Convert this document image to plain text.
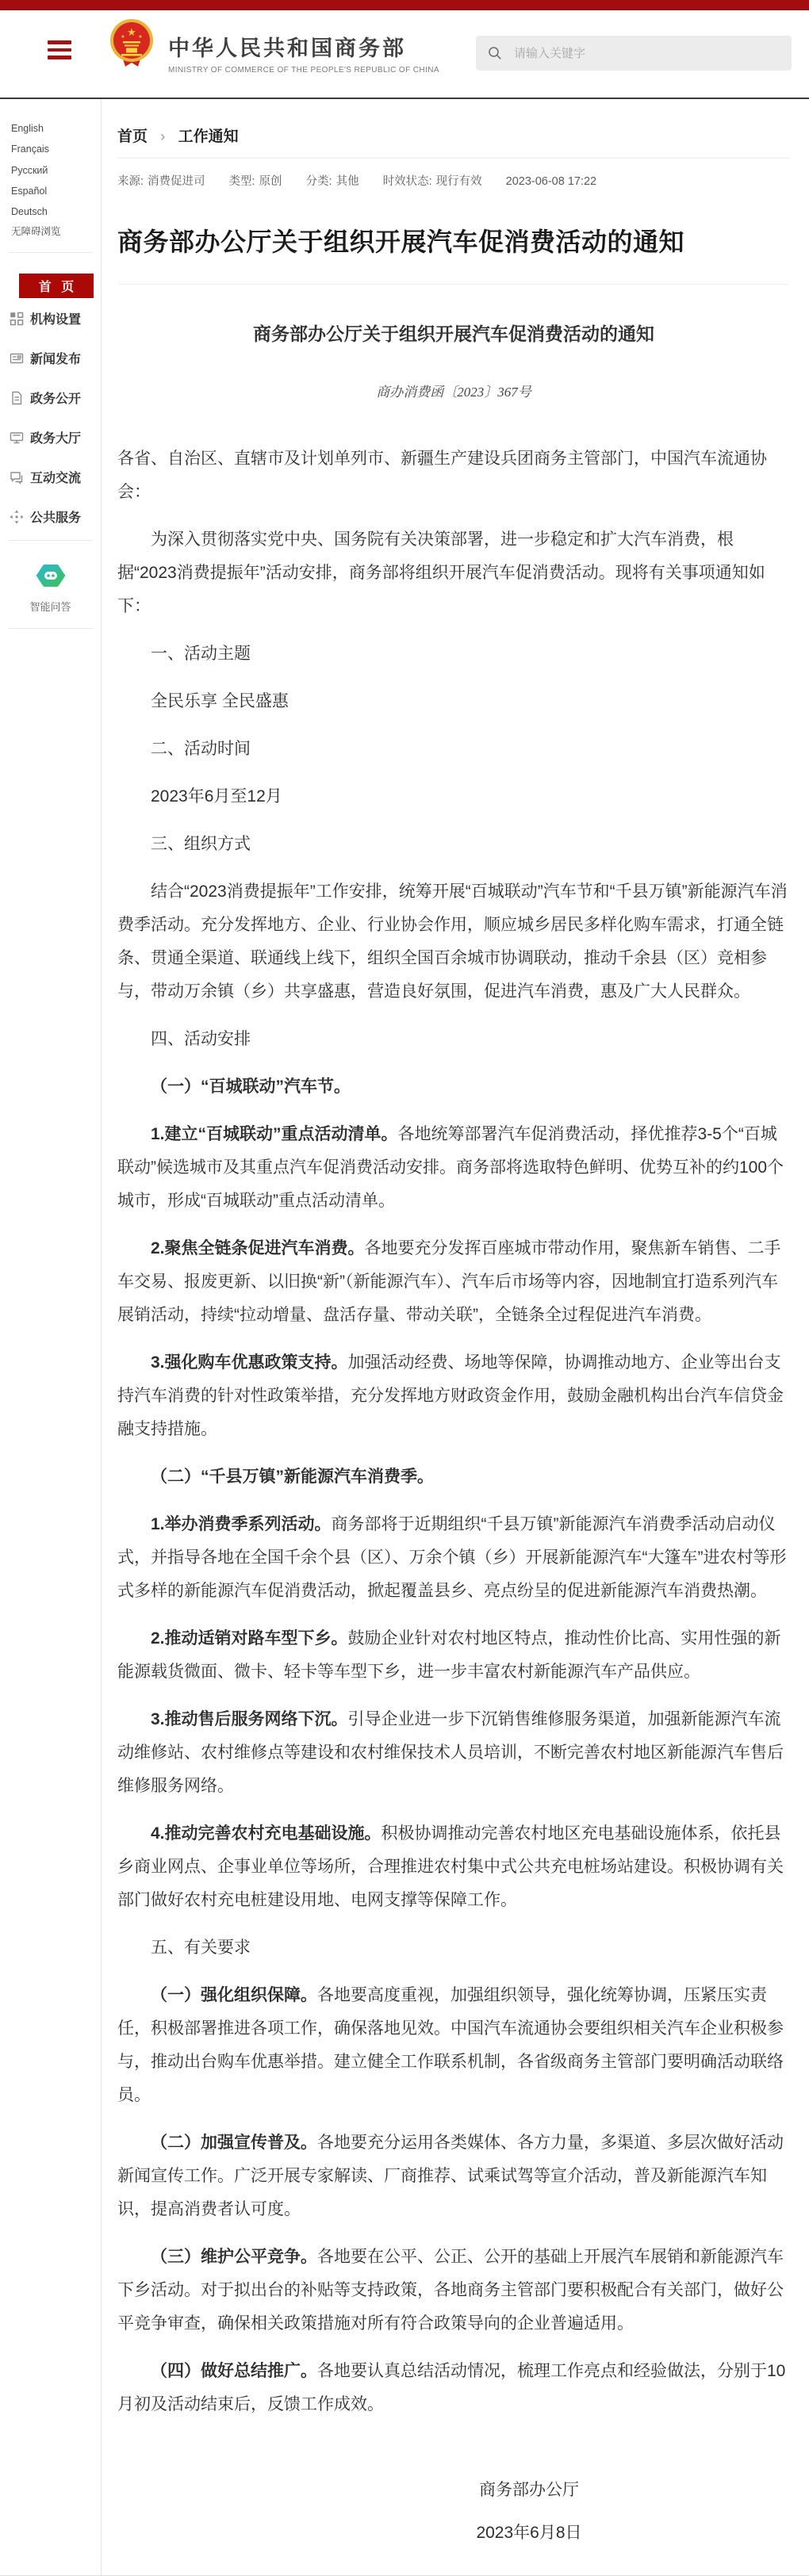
★
★	★ 中华人民共和国商务部
MINISTRY OF COMMERCE OF THE PEOPLE'S REPUBLIC OF CHINA
请输入关键字
EnglishFrançaisРусскийEspañolDeutsch
无障碍浏览
首 页
机构设置
新闻发布
政务公开
政务大厅
互动交流
公共服务
智能问答
首页 › 工作通知
来源: 消费促进司 类型: 原创 分类: 其他 时效状态: 现行有效 2023-06-08 17:22
商务部办公厅关于组织开展汽车促消费活动的通知
商务部办公厅关于组织开展汽车促消费活动的通知
商办消费函〔2023〕367号

各省、自治区、直辖市及计划单列市、新疆生产建设兵团商务主管部门，中国汽车流通协会：

为深入贯彻落实党中央、国务院有关决策部署，进一步稳定和扩大汽车消费，根据“2023消费提振年”活动安排，商务部将组织开展汽车促消费活动。现将有关事项通知如下：

一、活动主题

全民乐享 全民盛惠

二、活动时间

2023年6月至12月

三、组织方式

结合“2023消费提振年”工作安排，统筹开展“百城联动”汽车节和“千县万镇”新能源汽车消费季活动。充分发挥地方、企业、行业协会作用，顺应城乡居民多样化购车需求，打通全链条、贯通全渠道、联通线上线下，组织全国百余城市协调联动，推动千余县（区）竞相参与，带动万余镇（乡）共享盛惠，营造良好氛围，促进汽车消费，惠及广大人民群众。

四、活动安排

（一）“百城联动”汽车节。

1.建立“百城联动”重点活动清单。各地统筹部署汽车促消费活动，择优推荐3-5个“百城联动”候选城市及其重点汽车促消费活动安排。商务部将选取特色鲜明、优势互补的约100个城市，形成“百城联动”重点活动清单。

2.聚焦全链条促进汽车消费。各地要充分发挥百座城市带动作用，聚焦新车销售、二手车交易、报废更新、以旧换“新”（新能源汽车）、汽车后市场等内容，因地制宜打造系列汽车展销活动，持续“拉动增量、盘活存量、带动关联”，全链条全过程促进汽车消费。

3.强化购车优惠政策支持。加强活动经费、场地等保障，协调推动地方、企业等出台支持汽车消费的针对性政策举措，充分发挥地方财政资金作用，鼓励金融机构出台汽车信贷金融支持措施。

（二）“千县万镇”新能源汽车消费季。

1.举办消费季系列活动。商务部将于近期组织“千县万镇”新能源汽车消费季活动启动仪式，并指导各地在全国千余个县（区）、万余个镇（乡）开展新能源汽车“大篷车”进农村等形式多样的新能源汽车促消费活动，掀起覆盖县乡、亮点纷呈的促进新能源汽车消费热潮。

2.推动适销对路车型下乡。鼓励企业针对农村地区特点，推动性价比高、实用性强的新能源载货微面、微卡、轻卡等车型下乡，进一步丰富农村新能源汽车产品供应。

3.推动售后服务网络下沉。引导企业进一步下沉销售维修服务渠道，加强新能源汽车流动维修站、农村维修点等建设和农村维保技术人员培训，不断完善农村地区新能源汽车售后维修服务网络。

4.推动完善农村充电基础设施。积极协调推动完善农村地区充电基础设施体系，依托县乡商业网点、企事业单位等场所，合理推进农村集中式公共充电桩场站建设。积极协调有关部门做好农村充电桩建设用地、电网支撑等保障工作。

五、有关要求

（一）强化组织保障。各地要高度重视，加强组织领导，强化统筹协调，压紧压实责任，积极部署推进各项工作，确保落地见效。中国汽车流通协会要组织相关汽车企业积极参与，推动出台购车优惠举措。建立健全工作联系机制，各省级商务主管部门要明确活动联络员。

（二）加强宣传普及。各地要充分运用各类媒体、各方力量，多渠道、多层次做好活动新闻宣传工作。广泛开展专家解读、厂商推荐、试乘试驾等宣介活动，普及新能源汽车知识，提高消费者认可度。

（三）维护公平竞争。各地要在公平、公正、公开的基础上开展汽车展销和新能源汽车下乡活动。对于拟出台的补贴等支持政策，各地商务主管部门要积极配合有关部门，做好公平竞争审查，确保相关政策措施对所有符合政策导向的企业普遍适用。

（四）做好总结推广。各地要认真总结活动情况，梳理工作亮点和经验做法，分别于10月初及活动结束后，反馈工作成效。

商务部办公厅
2023年6月8日
